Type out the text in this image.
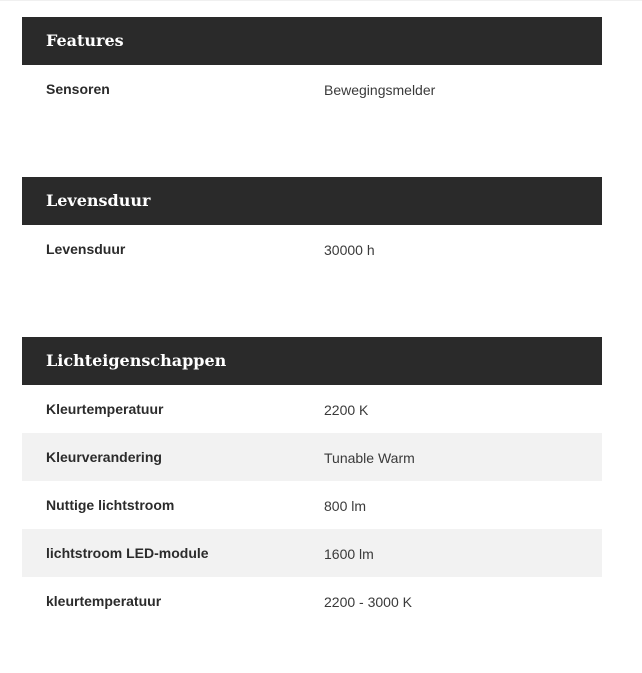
Features
Sensoren	Bewegingsmelder
Levensduur
Levensduur	30000 h
Lichteigenschappen
Kleurtemperatuur	2200 K
Kleurverandering	Tunable Warm
Nuttige lichtstroom	800 lm
lichtstroom LED-module	1600 lm
kleurtemperatuur	2200 - 3000 K
